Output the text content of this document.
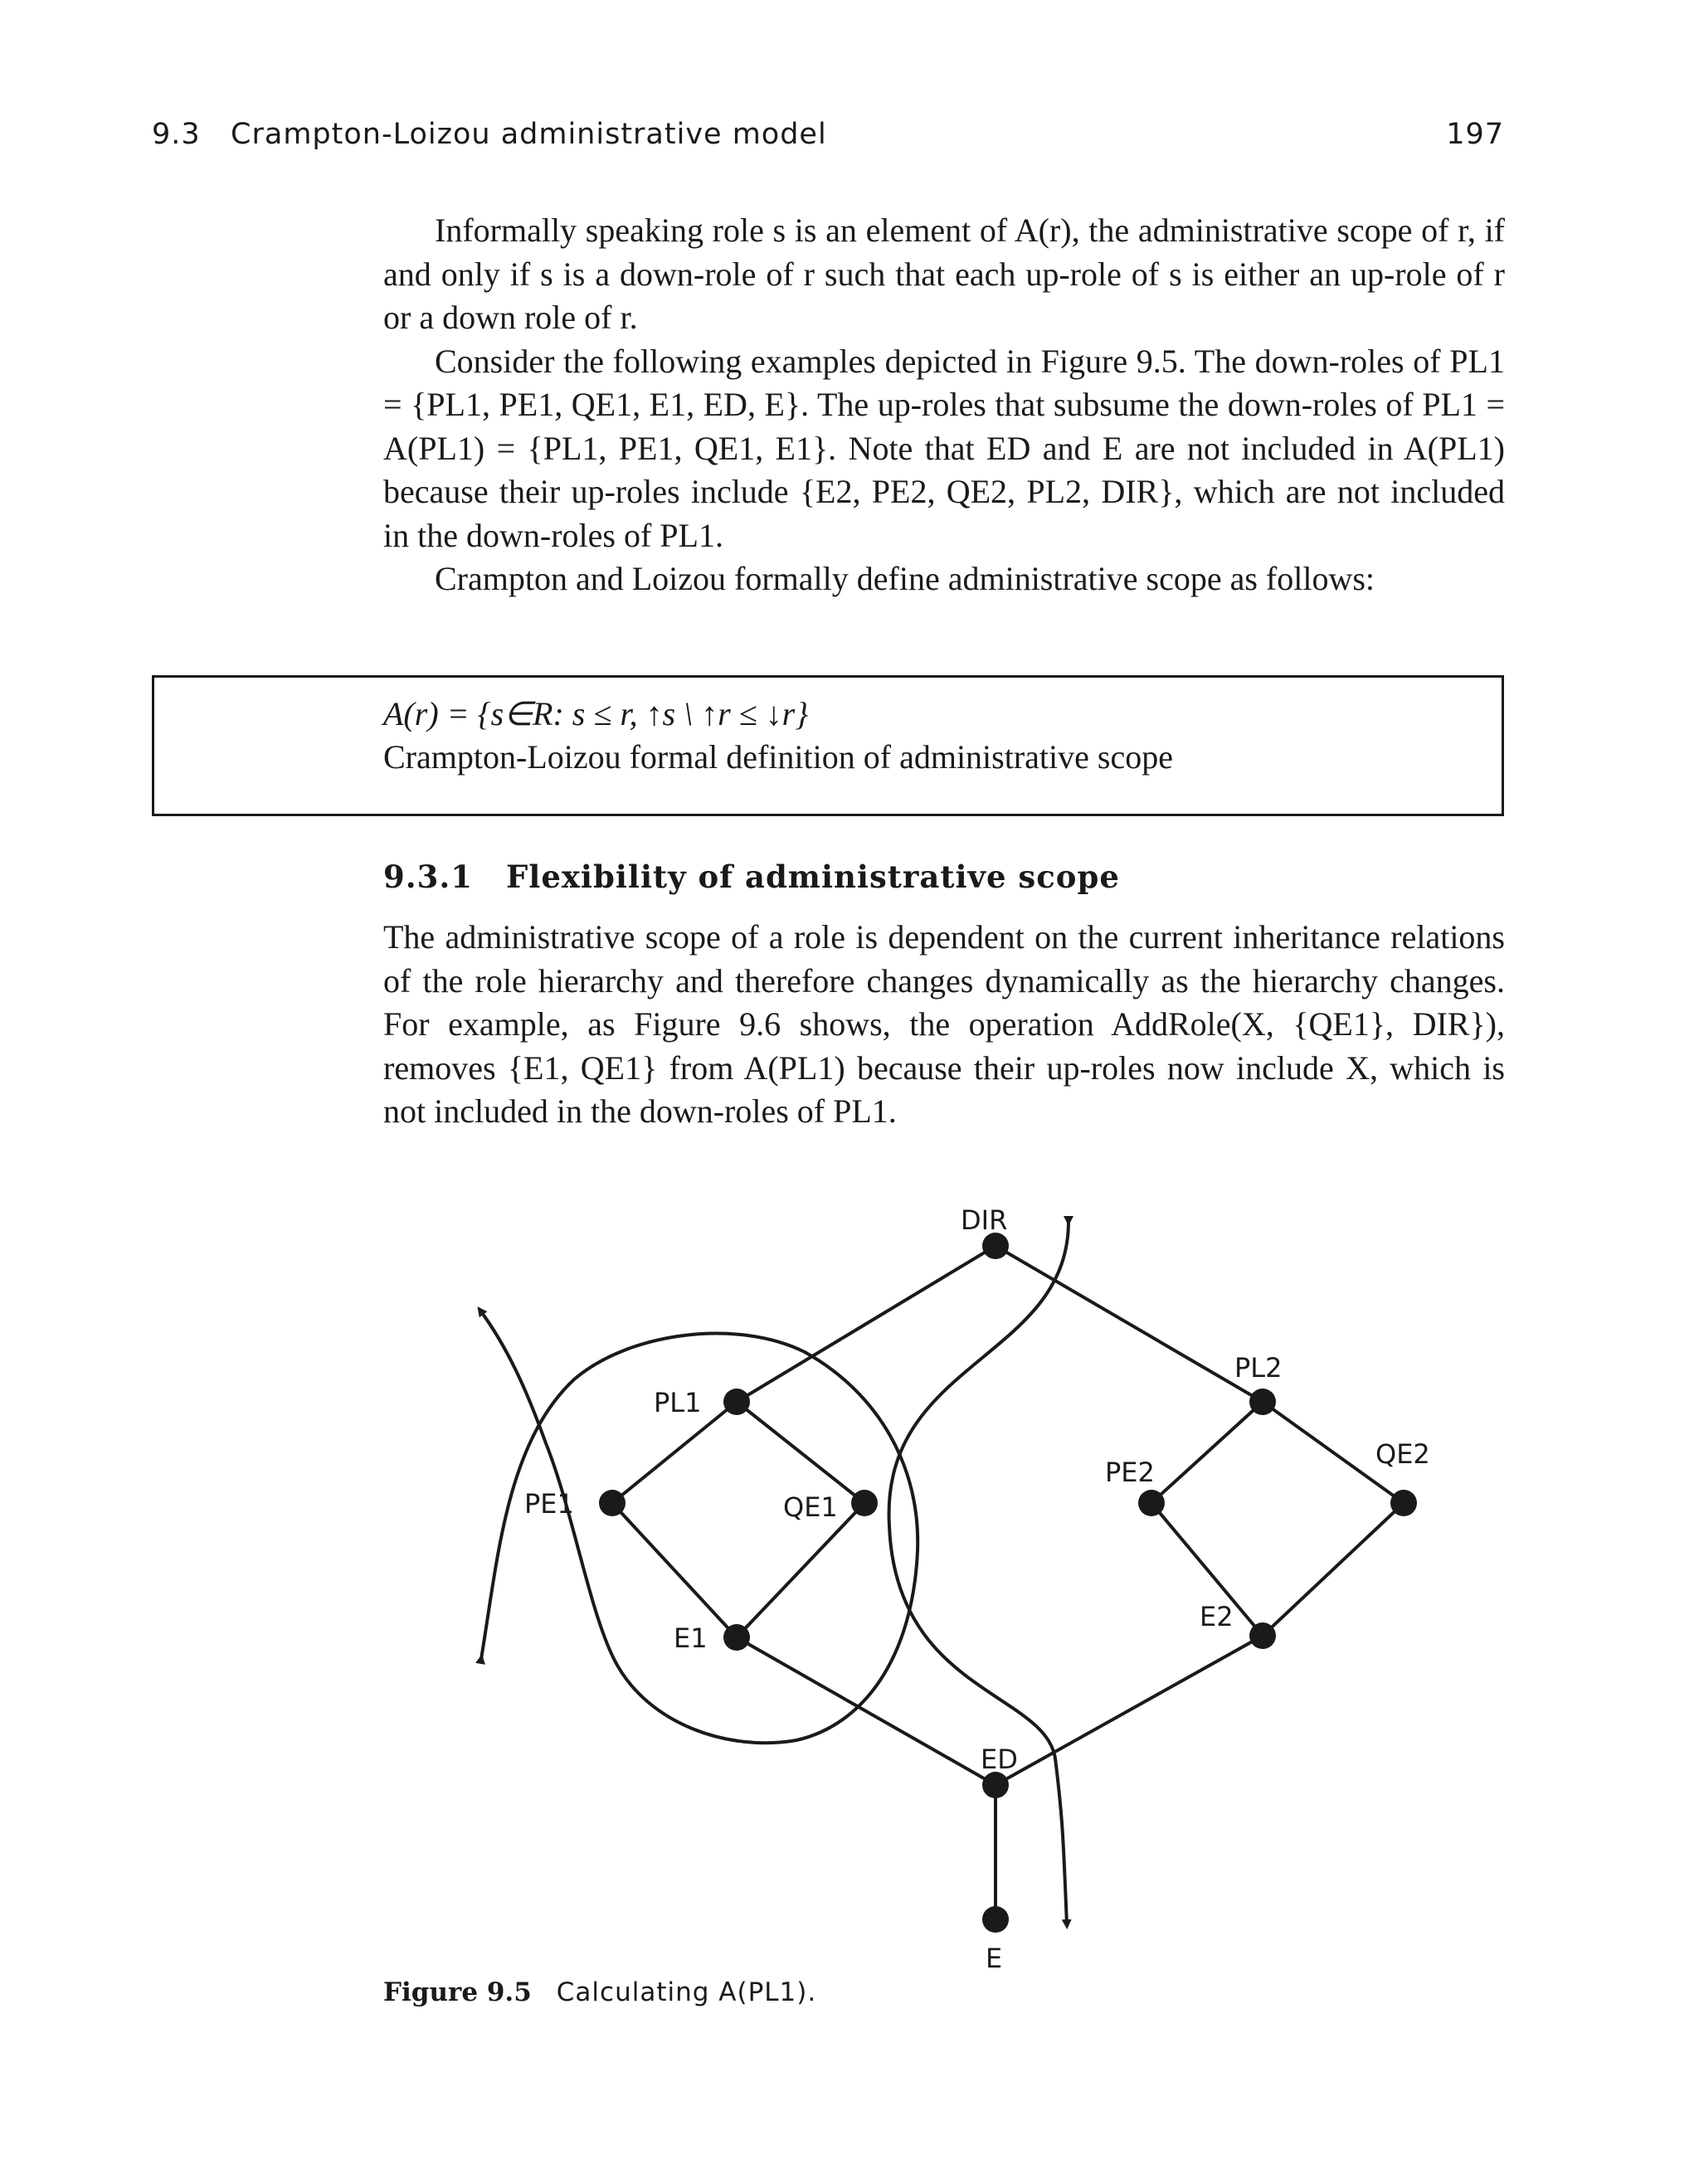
9.3   Crampton-Loizou administrative model	197

Informally speaking role s is an element of A(r), the administrative scope of r, if and only if s is a down-role of r such that each up-role of s is either an up-role of r or a down role of r.

Consider the following examples depicted in Figure 9.5. The down-roles of PL1 = {PL1, PE1, QE1, E1, ED, E}. The up-roles that subsume the down-roles of PL1 = A(PL1) = {PL1, PE1, QE1, E1}. Note that ED and E are not included in A(PL1) because their up-roles include {E2, PE2, QE2, PL2, DIR}, which are not included in the down-roles of PL1.

Crampton and Loizou formally define administrative scope as follows:

A(r) = {s∈R: s ≤ r, ↑s \ ↑r ≤ ↓r}
Crampton-Loizou formal definition of administrative scope
9.3.1 Flexibility of administrative scope

The administrative scope of a role is dependent on the current inheritance relations of the role hierarchy and therefore changes dynamically as the hierarchy changes. For example, as Figure 9.6 shows, the operation AddRole(X, {QE1}, DIR}), removes {E1, QE1} from A(PL1) because their up-roles now include X, which is not included in the down-roles of PL1.

DIR
PL1
PE1	QE1
E1
PL2
PE2
QE2
E2
ED
E
Figure 9.5 Calculating A(PL1).
